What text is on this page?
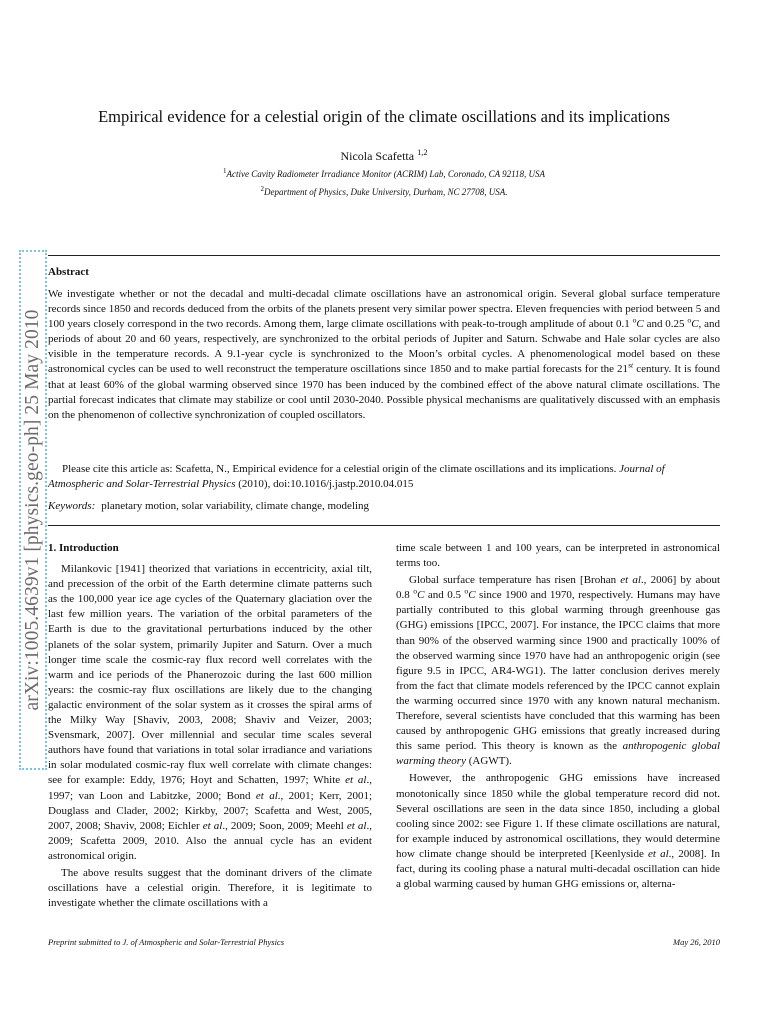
arXiv:1005.4639v1 [physics.geo-ph] 25 May 2010
Empirical evidence for a celestial origin of the climate oscillations and its implications
Nicola Scafetta $^{1,2}$
$^1$Active Cavity Radiometer Irradiance Monitor (ACRIM) Lab, Coronado, CA 92118, USA
$^2$Department of Physics, Duke University, Durham, NC 27708, USA.
Abstract

We investigate whether or not the decadal and multi-decadal climate oscillations have an astronomical origin. Several global surface temperature records since 1850 and records deduced from the orbits of the planets present very similar power spectra. Eleven frequencies with period between 5 and 100 years closely correspond in the two records. Among them, large climate oscillations with peak-to-trough amplitude of about 0.1 $^o$C and 0.25 $^o$C, and periods of about 20 and 60 years, respectively, are synchronized to the orbital periods of Jupiter and Saturn. Schwabe and Hale solar cycles are also visible in the temperature records. A 9.1-year cycle is synchronized to the Moon’s orbital cycles. A phenomenological model based on these astronomical cycles can be used to well reconstruct the temperature oscillations since 1850 and to make partial forecasts for the 21st century. It is found that at least 60% of the global warming observed since 1970 has been induced by the combined effect of the above natural climate oscillations. The partial forecast indicates that climate may stabilize or cool until 2030-2040. Possible physical mechanisms are qualitatively discussed with an emphasis on the phenomenon of collective synchronization of coupled oscillators.

Please cite this article as: Scafetta, N., Empirical evidence for a celestial origin of the climate oscillations and its implications. Journal of Atmospheric and Solar-Terrestrial Physics (2010), doi:10.1016/j.jastp.2010.04.015

Keywords: planetary motion, solar variability, climate change, modeling
1. Introduction

Milankovic [1941] theorized that variations in eccentricity, axial tilt, and precession of the orbit of the Earth determine climate patterns such as the 100,000 year ice age cycles of the Quaternary glaciation over the last few million years. The variation of the orbital parameters of the Earth is due to the gravitational perturbations induced by the other planets of the solar system, primarily Jupiter and Saturn. Over a much longer time scale the cosmic-ray flux record well correlates with the warm and ice periods of the Phanerozoic during the last 600 million years: the cosmic-ray flux oscillations are likely due to the changing galactic environment of the solar system as it crosses the spiral arms of the Milky Way [Shaviv, 2003, 2008; Shaviv and Veizer, 2003; Svensmark, 2007]. Over millennial and secular time scales several authors have found that variations in total solar irradiance and variations in solar modulated cosmic-ray flux well correlate with climate changes: see for example: Eddy, 1976; Hoyt and Schatten, 1997; White et al., 1997; van Loon and Labitzke, 2000; Bond et al., 2001; Kerr, 2001; Douglass and Clader, 2002; Kirkby, 2007; Scafetta and West, 2005, 2007, 2008; Shaviv, 2008; Eichler et al., 2009; Soon, 2009; Meehl et al., 2009; Scafetta 2009, 2010. Also the annual cycle has an evident astronomical origin.

The above results suggest that the dominant drivers of the climate oscillations have a celestial origin. Therefore, it is legitimate to investigate whether the climate oscillations with a

time scale between 1 and 100 years, can be interpreted in astronomical terms too.

Global surface temperature has risen [Brohan et al., 2006] by about 0.8 $^o$C and 0.5 $^o$C since 1900 and 1970, respectively. Humans may have partially contributed to this global warming through greenhouse gas (GHG) emissions [IPCC, 2007]. For instance, the IPCC claims that more than 90% of the observed warming since 1900 and practically 100% of the observed warming since 1970 have had an anthropogenic origin (see figure 9.5 in IPCC, AR4-WG1). The latter conclusion derives merely from the fact that climate models referenced by the IPCC cannot explain the warming occurred since 1970 with any known natural mechanism. Therefore, several scientists have concluded that this warming has been caused by anthropogenic GHG emissions that greatly increased during this same period. This theory is known as the anthropogenic global warming theory (AGWT).

However, the anthropogenic GHG emissions have increased monotonically since 1850 while the global temperature record did not. Several oscillations are seen in the data since 1850, including a global cooling since 2002: see Figure 1. If these climate oscillations are natural, for example induced by astronomical oscillations, they would determine how climate change should be interpreted [Keenlyside et al., 2008]. In fact, during its cooling phase a natural multi-decadal oscillation can hide a global warming caused by human GHG emissions or, alterna-

Preprint submitted to J. of Atmospheric and Solar-Terrestrial Physics	May 26, 2010
